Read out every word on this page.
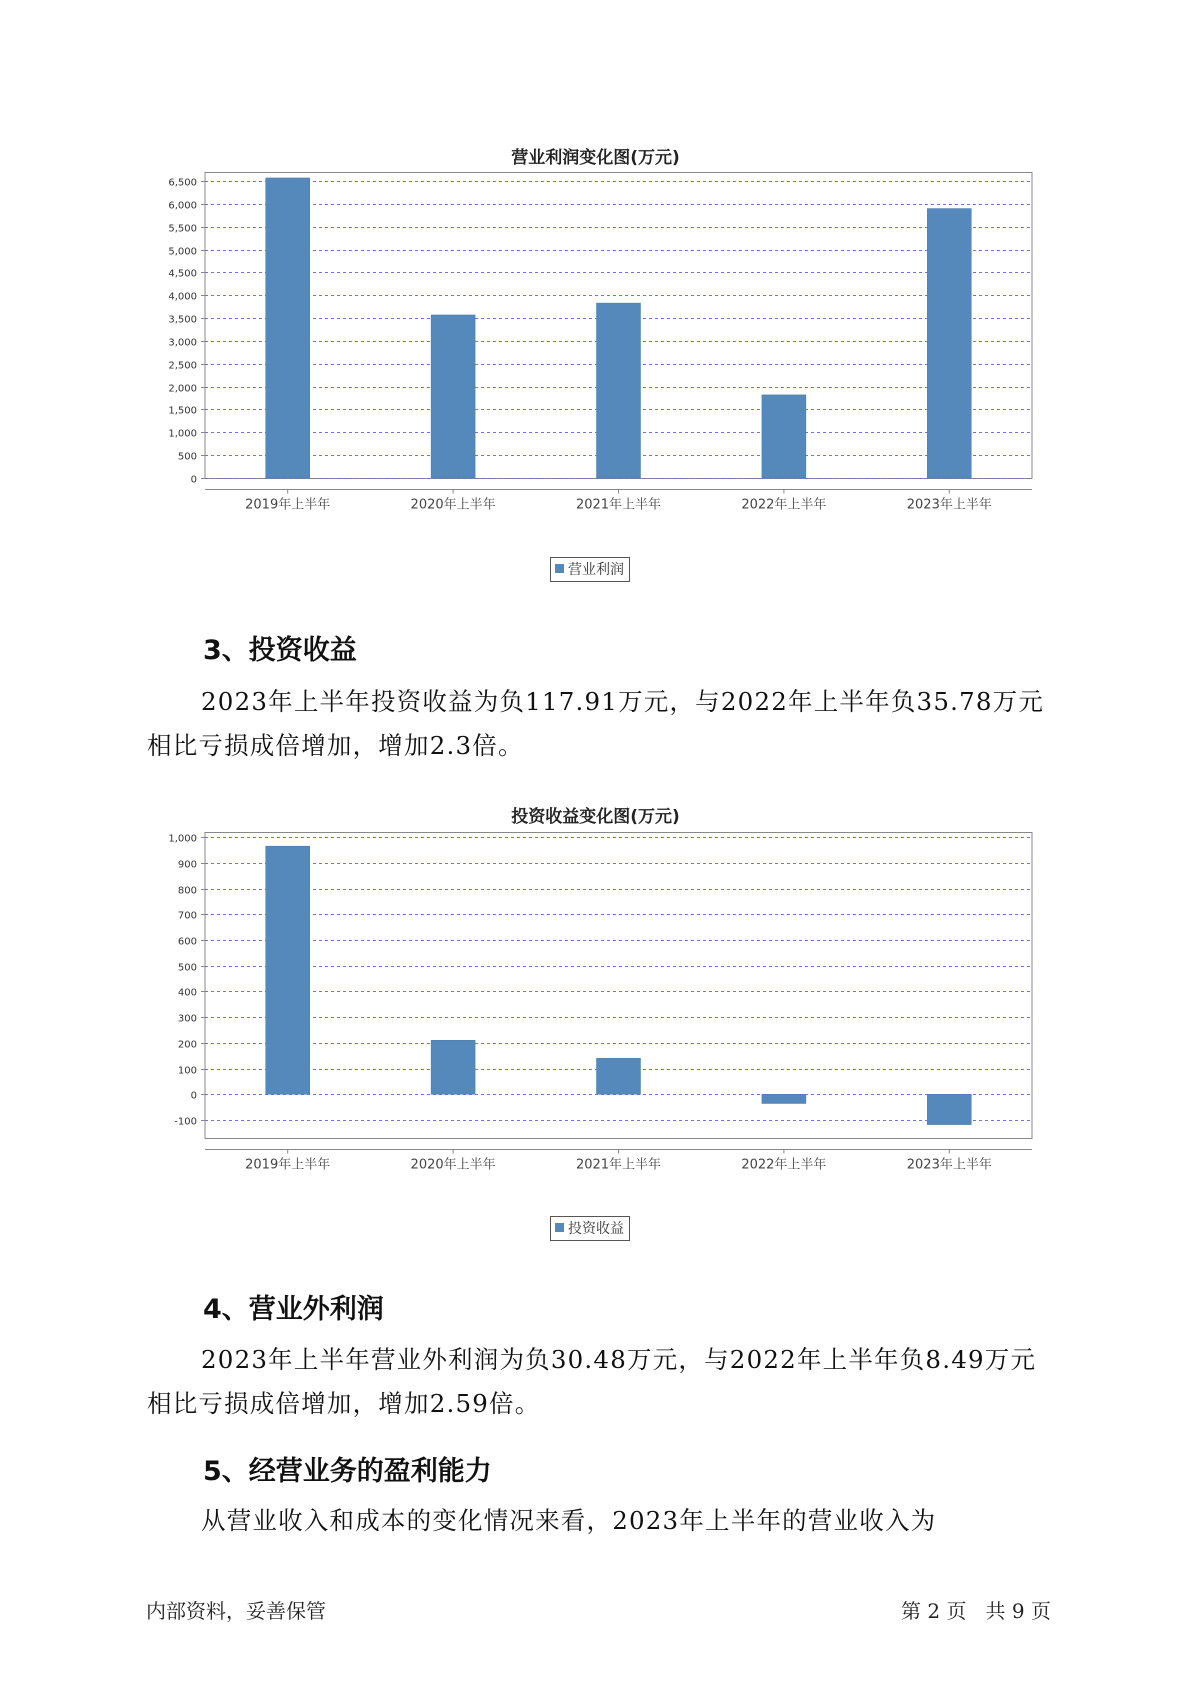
营业利润变化图(万元)
0
500
1,000
1,500
2,000
2,500
3,000
3,500
4,000
4,500
5,000
5,500
6,000
6,500
2019年上半年	2020年上半年	2021年上半年	2022年上半年	2023年上半年
营业利润
3、投资收益
2023年上半年投资收益为负117.91万元，与2022年上半年负35.78万元
相比亏损成倍增加，增加2.3倍。
投资收益变化图(万元)
-100
0
100
200
300
400
500
600
700
800
900
1,000
2019年上半年	2020年上半年	2021年上半年	2022年上半年	2023年上半年
投资收益
4、营业外利润
2023年上半年营业外利润为负30.48万元，与2022年上半年负8.49万元
相比亏损成倍增加，增加2.59倍。
5、经营业务的盈利能力
从营业收入和成本的变化情况来看，2023年上半年的营业收入为
内部资料，妥善保管	第 2 页   共 9 页
